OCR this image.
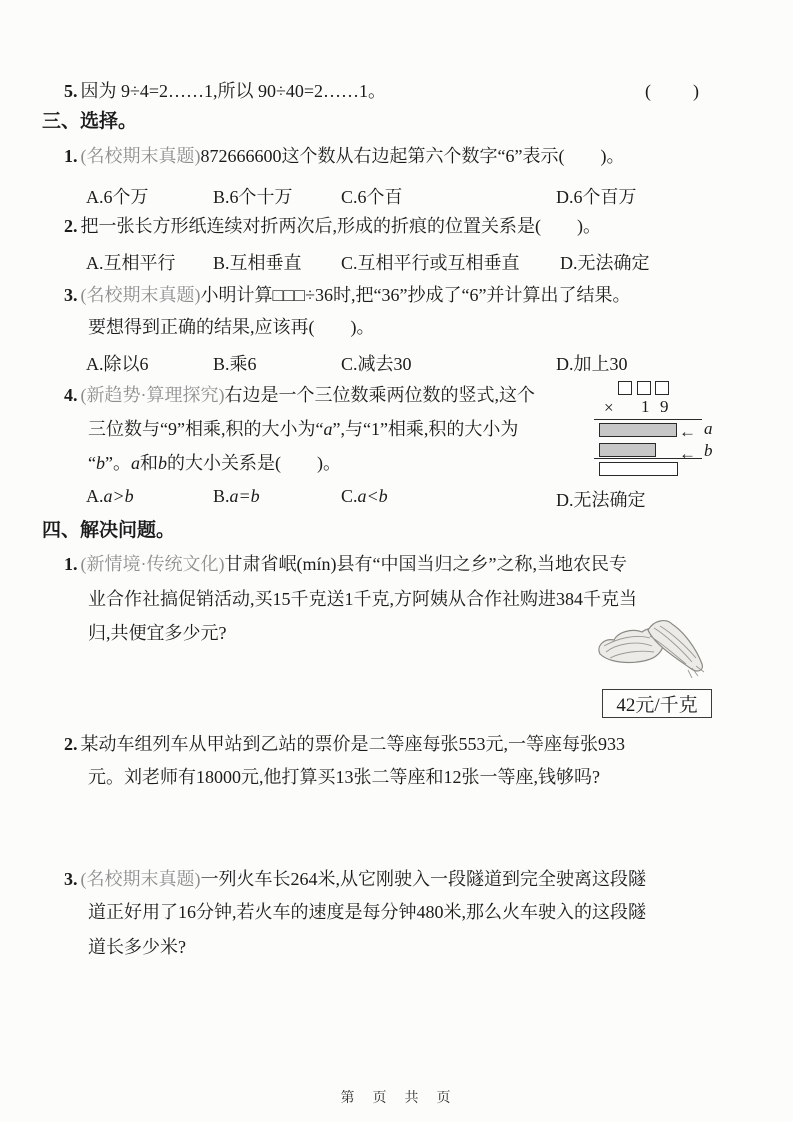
5. 因为 9÷4=2……1,所以 90÷40=2……1。	(　　)
三、选择。
1. (名校期末真题)872666600这个数从右边起第六个数字“6”表示(　　)。
A.6个万	B.6个十万	C.6个百	D.6个百万
2. 把一张长方形纸连续对折两次后,形成的折痕的位置关系是(　　)。
A.互相平行 B.互相垂直 C.互相平行或互相垂直 D.无法确定
3. (名校期末真题)小明计算□□□÷36时,把“36”抄成了“6”并计算出了结果。
要想得到正确的结果,应该再(　　)。
A.除以6	B.乘6	C.减去30	D.加上30
4. (新趋势·算理探究)右边是一个三位数乘两位数的竖式,这个
三位数与“9”相乘,积的大小为“a”,与“1”相乘,积的大小为
“b”。a和b的大小关系是(　　)。
A.a>b	B.a=b	C.a<b	D.无法确定
× 1 9
← a
← b
四、解决问题。
1. (新情境·传统文化)甘肃省岷(mín)县有“中国当归之乡”之称,当地农民专
业合作社搞促销活动,买15千克送1千克,方阿姨从合作社购进384千克当
归,共便宜多少元?
42元/千克
2. 某动车组列车从甲站到乙站的票价是二等座每张553元,一等座每张933
元。刘老师有18000元,他打算买13张二等座和12张一等座,钱够吗?
3. (名校期末真题)一列火车长264米,从它刚驶入一段隧道到完全驶离这段隧
道正好用了16分钟,若火车的速度是每分钟480米,那么火车驶入的这段隧
道长多少米?
第　页　共　页
